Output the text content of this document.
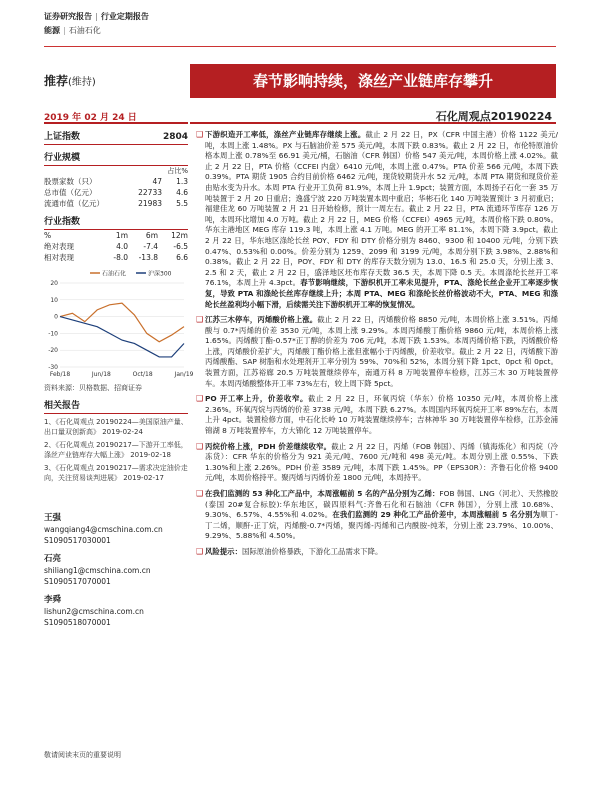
证券研究报告 | 行业定期报告
能源 | 石油石化
推荐(维持)	春节影响持续，涤丝产业链库存攀升
2019 年 02 月 24 日	石化周观点20190224
上证指数	2804
行业规模
占比%
股票家数（只）	47	1.3
总市值（亿元）	22733	4.6
流通市值（亿元）	21983	5.5
行业指数
%	1m	6m	12m
绝对表现	4.0	-7.4	-6.5
相对表现	-8.0	-13.8	6.6
石油石化	沪深300
20
10
0
-10
-20
-30
Feb/18	Jun/18	Oct/18	Jan/19
资料来源：贝格数据、招商证券
相关报告
1、《石化周观点 20190224—美国原油产量、出口量双创新高》 2019-02-24
2、《石化周观点 20190217—下游开工率低，涤丝产业链库存大幅上涨》 2019-02-18
3、《石化周观点 20190217—需求决定油价走向，关注贸易谈判进展》 2019-02-17
王强
wangqiang4@cmschina.com.cn
S1090517030001
石亮
shiliang1@cmschina.com.cn
S1090517070001
李舜
lishun2@cmschina.com.cn
S1090518070001
❑ 下游织造开工率低，涤丝产业链库存继续上涨。截止 2 月 22 日，PX（CFR 中国主港）价格 1122 美元/吨，本周上涨 1.48%。PX 与石脑油价差 575 美元/吨，本周下跌 0.83%。截止 2 月 22 日，布伦特原油价格本周上涨 0.78%至 66.91 美元/桶，石脑油（CFR 韩国）价格 547 美元/吨，本周价格上涨 4.02%。截止 2 月 22 日，PTA 价格（CCFEI 内盘）6410 元/吨，本周上涨 0.47%。PTA 价差 566 元/吨，本周下跌 0.39%。PTA 期货 1905 合约目前价格 6462 元/吨，现货较期货升水 52 元/吨，本周 PTA 期货和现货价差由贴水变为升水。本周 PTA 行业开工负荷 81.9%，本周上升 1.9pct；装置方面，本周扬子石化一套 35 万吨装置于 2 月 20 日重启；逸盛宁波 220 万吨装置本周中重启；华彬石化 140 万吨装置预计 3 月初重启；福建佳龙 60 万吨装置 2 月 21 日开始检修，预计一周左右。截止 2 月 22 日，PTA 流通环节库存 126 万吨，本周环比增加 4.0 万吨。截止 2 月 22 日，MEG 价格（CCFEI）4965 元/吨，本周价格下跌 0.80%。华东主港地区 MEG 库存 119.3 吨，本周上涨 4.1 万吨。MEG 的开工率 81.1%，本周下降 3.9pct。截止 2 月 22 日，华东地区涤纶长丝 POY、FDY 和 DTY 价格分别为 8460、9300 和 10400 元/吨，分别下跌 0.47%、0.53%和 0.00%。价差分别为 1259、2099 和 3199 元/吨，本周分别下跌 3.98%、2.88%和 0.38%。截止 2 月 22 日，POY、FDY 和 DTY 的库存天数分别为 13.0、16.5 和 25.0 天，分别上涨 3、2.5 和 2 天，截止 2 月 22 日，盛泽地区坯布库存天数 36.5 天，本周下降 0.5 天。本周涤纶长丝开工率 76.1%，本周上升 4.3pct。春节影响继续，下游织机开工率未见提升，PTA、涤纶长丝企业开工率逐步恢复，导致 PTA 和涤纶长丝库存继续上升；本周 PTA、MEG 和涤纶长丝价格波动不大，PTA、MEG 和涤纶长丝盈利均小幅下滑，后续需关注下游织机开工率的恢复情况。

❑ 江苏三木停车，丙烯酸价格上涨。截止 2 月 22 日，丙烯酸价格 8850 元/吨，本周价格上涨 3.51%。丙烯酸与 0.7*丙烯的价差 3530 元/吨，本周上涨 9.29%。本周丙烯酸丁酯价格 9860 元/吨，本周价格上涨 1.65%。丙烯酸丁酯-0.57*正丁醇的价差为 706 元/吨，本周下跌 1.53%。本周丙烯价格下跌，丙烯酸价格上涨，丙烯酸价差扩大，丙烯酸丁酯价格上涨但涨幅小于丙烯酸，价差收窄。截止 2 月 22 日，丙烯酸下游丙烯酸酯、SAP 树脂和水处理剂开工率分别为 59%、70%和 52%，本周分别下降 1pct、0pct 和 0pct。装置方面，江苏裕廊 20.5 万吨装置继续停车，南通万科 8 万吨装置停车检修，江苏三木 30 万吨装置停车。本周丙烯酸整体开工率 73%左右，较上周下降 5pct。

❑ PO 开工率上升，价差收窄。截止 2 月 22 日，环氧丙烷（华东）价格 10350 元/吨，本周价格上涨 2.36%。环氧丙烷与丙烯的价差 3738 元/吨，本周下跌 6.27%。本周国内环氧丙烷开工率 89%左右，本周上升 4pct。装置检修方面，中石化长岭 10 万吨装置继续停车；吉林神华 30 万吨装置停车检修，江苏金浦锦湖 8 万吨装置停车，方大锦化 12 万吨装置停车。

❑ 丙烷价格上涨，PDH 价差继续收窄。截止 2 月 22 日，丙烯（FOB 韩国）、丙烯（镇海炼化）和丙烷（冷冻货）：CFR 华东的价格分为 921 美元/吨、7600 元/吨和 498 美元/吨。本周分别上涨 0.55%、下跌 1.30%和上涨 2.26%。PDH 价差 3589 元/吨，本周下跌 1.45%。PP（EPS30R）：齐鲁石化价格 9400 元/吨，本周价格持平。聚丙烯与丙烯价差 1800 元/吨，本周持平。

❑ 在我们监测的 53 种化工产品中，本周涨幅前 5 名的产品分别为乙烯：FOB 韩国、LNG（河北）、天然橡胶(泰国 20#复合标胶):华东地区，碳四原料气:齐鲁石化和石脑油（CFR 韩国），分别上涨 10.68%、9.30%、6.57%、4.55%和 4.02%。在我们监测的 29 种化工产品价差中，本周涨幅前 5 名分别为顺丁-丁二烯，顺酐-正丁烷，丙烯酸-0.7*丙烯，聚丙烯-丙烯和己内酰胺-纯苯，分别上涨 23.79%、10.00%、9.29%、5.88%和 4.50%。

❑ 风险提示：国际原油价格暴跌，下游化工品需求下降。

敬请阅读末页的重要说明
